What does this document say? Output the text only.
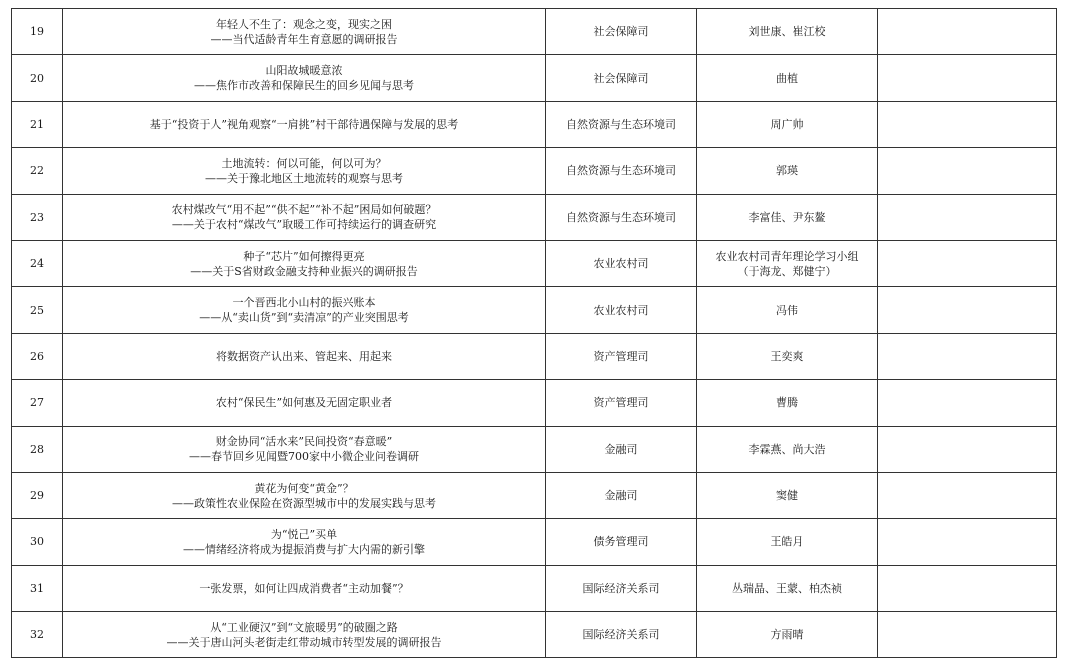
19	年轻人不生了：观念之变，现实之困
——当代适龄青年生育意愿的调研报告	社会保障司	刘世康、崔江校	

20	山阳故城暖意浓
——焦作市改善和保障民生的回乡见闻与思考	社会保障司	曲植	

21	基于“投资于人”视角观察“一肩挑”村干部待遇保障与发展的思考	自然资源与生态环境司	周广帅	

22	土地流转：何以可能，何以可为？
——关于豫北地区土地流转的观察与思考	自然资源与生态环境司	郭瑛	

23	农村煤改气“用不起”“供不起”“补不起”困局如何破题？
——关于农村“煤改气”取暖工作可持续运行的调查研究	自然资源与生态环境司	李富佳、尹东鳌	

24	种子“芯片”如何擦得更亮
——关于S省财政金融支持种业振兴的调研报告	农业农村司	农业农村司青年理论学习小组
（于海龙、郑健宁）	

25	一个晋西北小山村的振兴账本
——从“卖山货”到“卖清凉”的产业突围思考	农业农村司	冯伟	

26	将数据资产认出来、管起来、用起来	资产管理司	王奕爽	

27	农村“保民生”如何惠及无固定职业者	资产管理司	曹腾	

28	财金协同“活水来”民间投资“春意暖”
——春节回乡见闻暨700家中小微企业问卷调研	金融司	李霖燕、尚大浩	

29	黄花为何变“黄金”？
——政策性农业保险在资源型城市中的发展实践与思考	金融司	窦健	

30	为“悦己”买单
——情绪经济将成为提振消费与扩大内需的新引擎	债务管理司	王皓月	

31	一张发票，如何让四成消费者“主动加餐”？	国际经济关系司	丛瑞晶、王蒙、柏杰祯	

32	从“工业硬汉”到“文旅暖男”的破圈之路
——关于唐山河头老街走红带动城市转型发展的调研报告	国际经济关系司	方雨晴	
